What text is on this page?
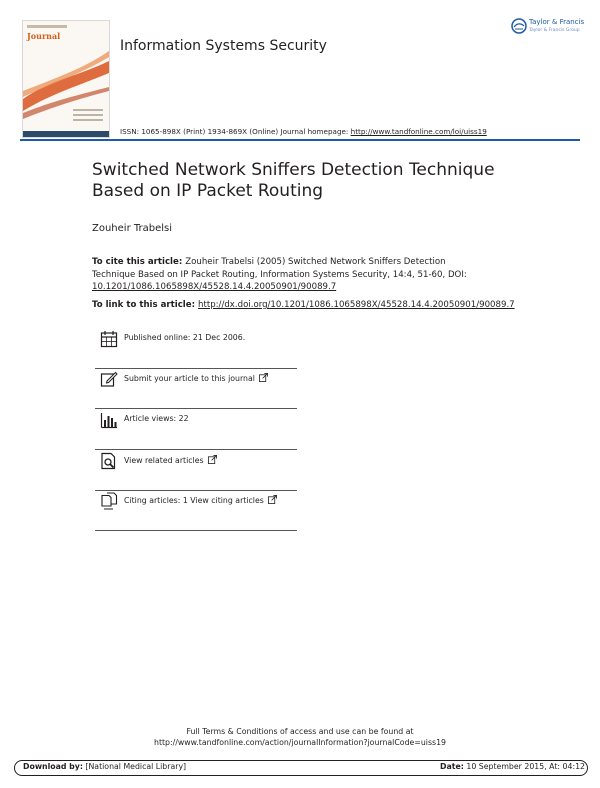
Journal
Information Systems Security
ISSN: 1065-898X (Print) 1934-869X (Online) Journal homepage: http://www.tandfonline.com/loi/uiss19
Taylor & Francis
Taylor & Francis Group
Switched Network Sniffers Detection Technique Based on IP Packet Routing
Zouheir Trabelsi
To cite this article: Zouheir Trabelsi (2005) Switched Network Sniffers Detection
Technique Based on IP Packet Routing, Information Systems Security, 14:4, 51-60, DOI:
10.1201/1086.1065898X/45528.14.4.20050901/90089.7
To link to this article: http://dx.doi.org/10.1201/1086.1065898X/45528.14.4.20050901/90089.7
Published online: 21 Dec 2006.
Submit your article to this journal
Article views: 22
View related articles
Citing articles: 1 View citing articles
Full Terms & Conditions of access and use can be found at
http://www.tandfonline.com/action/journalInformation?journalCode=uiss19
Download by: [National Medical Library]	Date: 10 September 2015, At: 04:12
